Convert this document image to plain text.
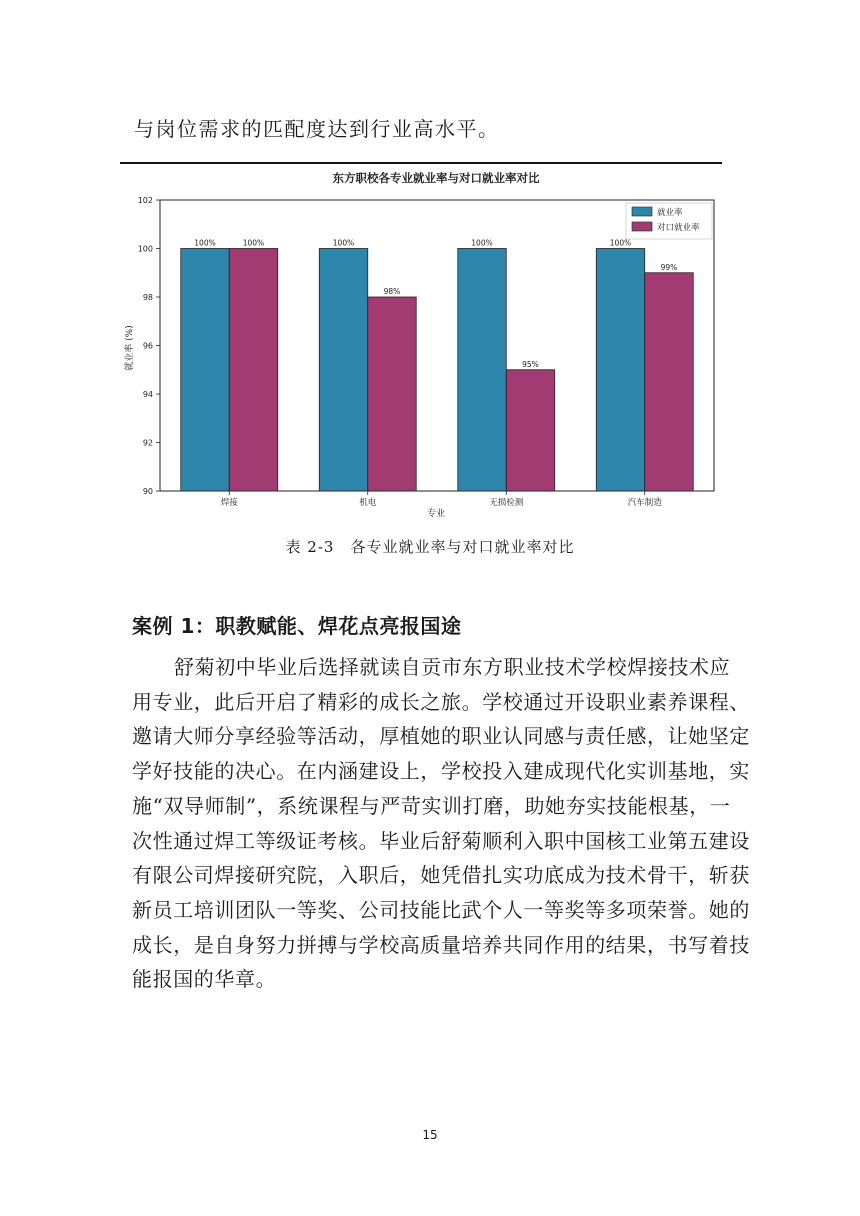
与岗位需求的匹配度达到行业高水平。

东方职校各专业就业率与对口就业率对比
90
92
94
96
98
100
102
焊接	机电	无损检测	汽车制造
100%	100%	100%
98%
100%
95%
100%
99%
就业率 (%)
专业
就业率
对口就业率

表 2-3　各专业就业率与对口就业率对比

案例 1：职教赋能、焊花点亮报国途
舒菊初中毕业后选择就读自贡市东方职业技术学校焊接技术应
用专业，此后开启了精彩的成长之旅。学校通过开设职业素养课程、
邀请大师分享经验等活动，厚植她的职业认同感与责任感，让她坚定
学好技能的决心。在内涵建设上，学校投入建成现代化实训基地，实
施“双导师制”，系统课程与严苛实训打磨，助她夯实技能根基，一
次性通过焊工等级证考核。毕业后舒菊顺利入职中国核工业第五建设
有限公司焊接研究院，入职后，她凭借扎实功底成为技术骨干，斩获
新员工培训团队一等奖、公司技能比武个人一等奖等多项荣誉。她的
成长，是自身努力拼搏与学校高质量培养共同作用的结果，书写着技
能报国的华章。

15
